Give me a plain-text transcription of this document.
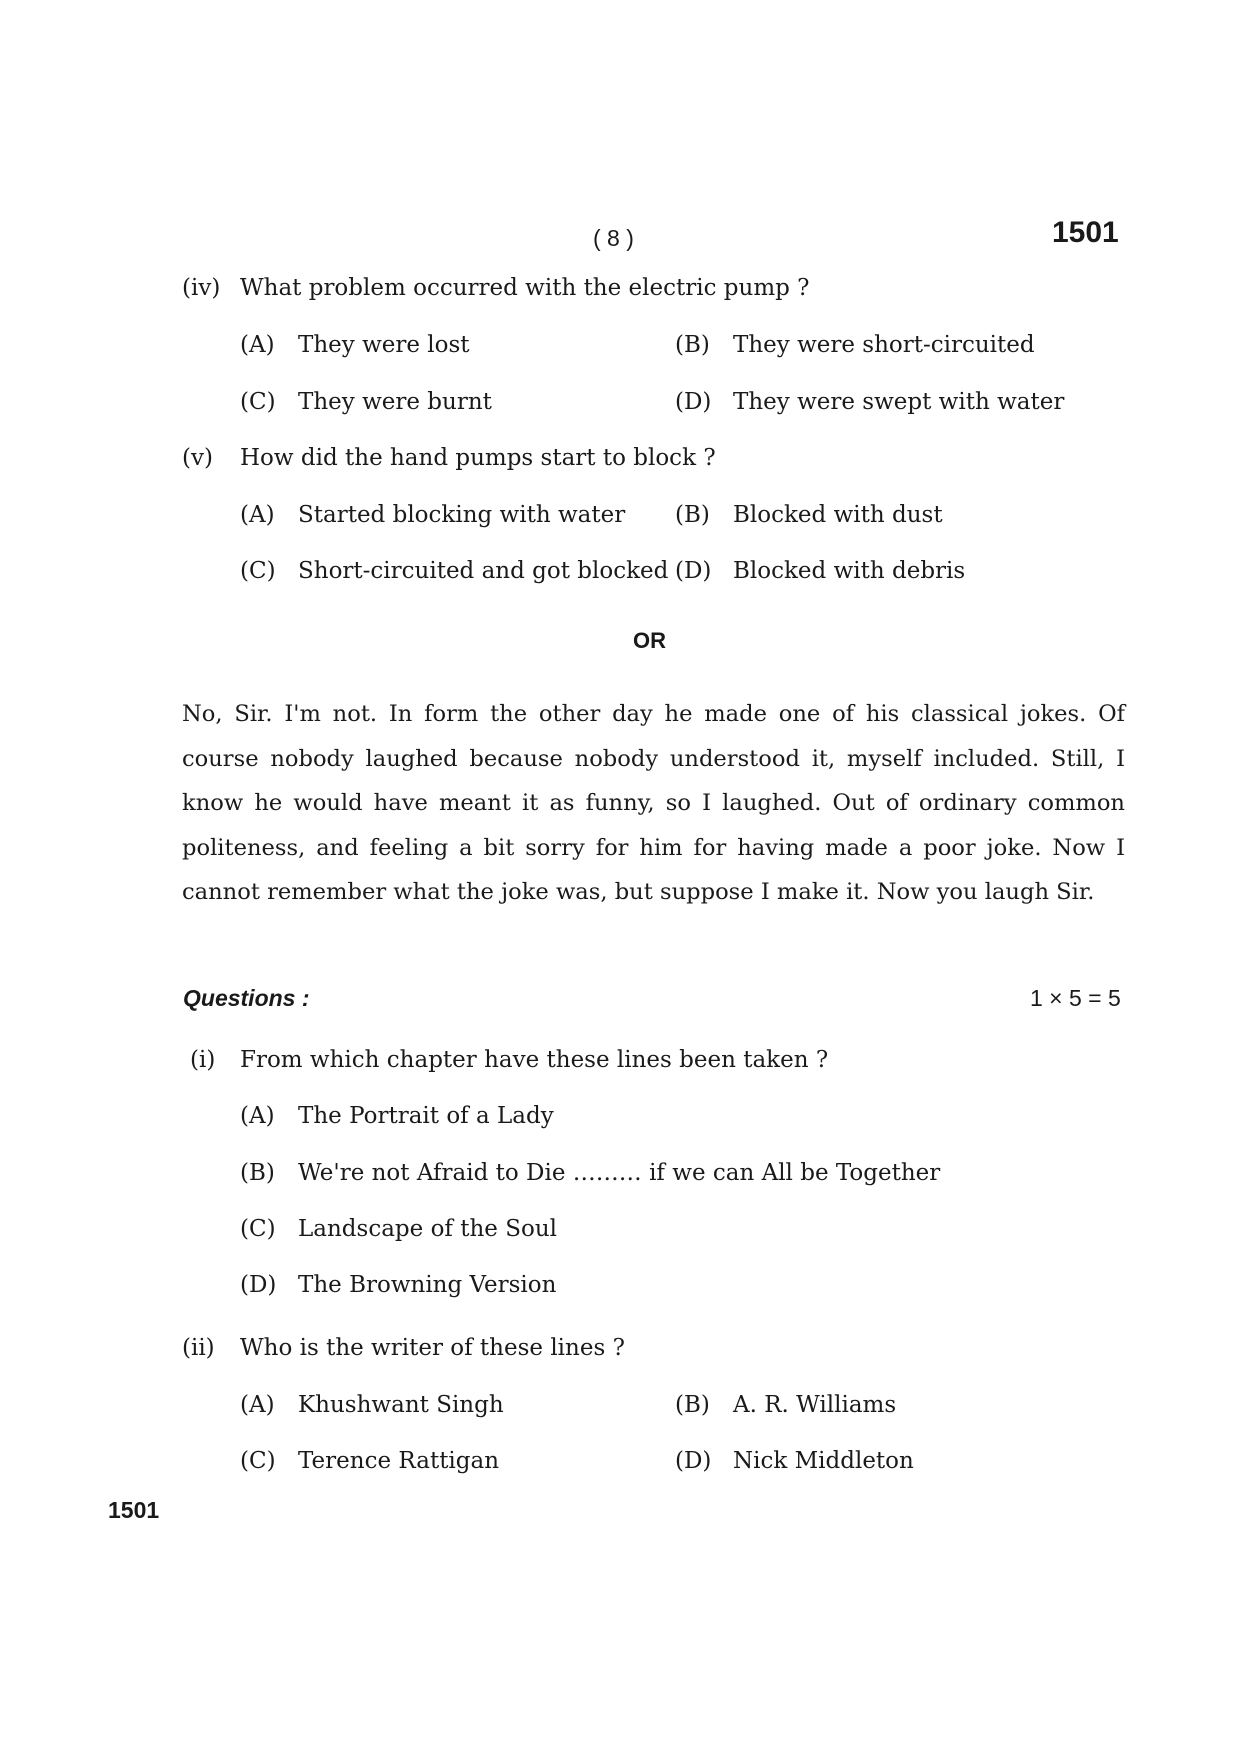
( 8 )	1501
(iv) What problem occurred with the electric pump ?
(A)	They were lost	(B)	They were short-circuited
(C) They were burnt	(D) They were swept with water
(v)	How did the hand pumps start to block ?
(A)	Started blocking with water (B)	Blocked with dust
(C) Short-circuited and got blocked (D) Blocked with debris
OR
No, Sir. I'm not. In form the other day he made one of his classical jokes. Of course nobody laughed because nobody understood it, myself included. Still, I know he would have meant it as funny, so I laughed. Out of ordinary common politeness, and feeling a bit sorry for him for having made a poor joke. Now I cannot remember what the joke was, but suppose I make it. Now you laugh Sir.
Questions :	1 × 5 = 5
(i)	From which chapter have these lines been taken ?
(A)	The Portrait of a Lady
(B)	We're not Afraid to Die ……… if we can All be Together
(C) Landscape of the Soul
(D) The Browning Version
(ii)	Who is the writer of these lines ?
(A)	Khushwant Singh	(B)	A. R. Williams
(C) Terence Rattigan	(D) Nick Middleton
1501
